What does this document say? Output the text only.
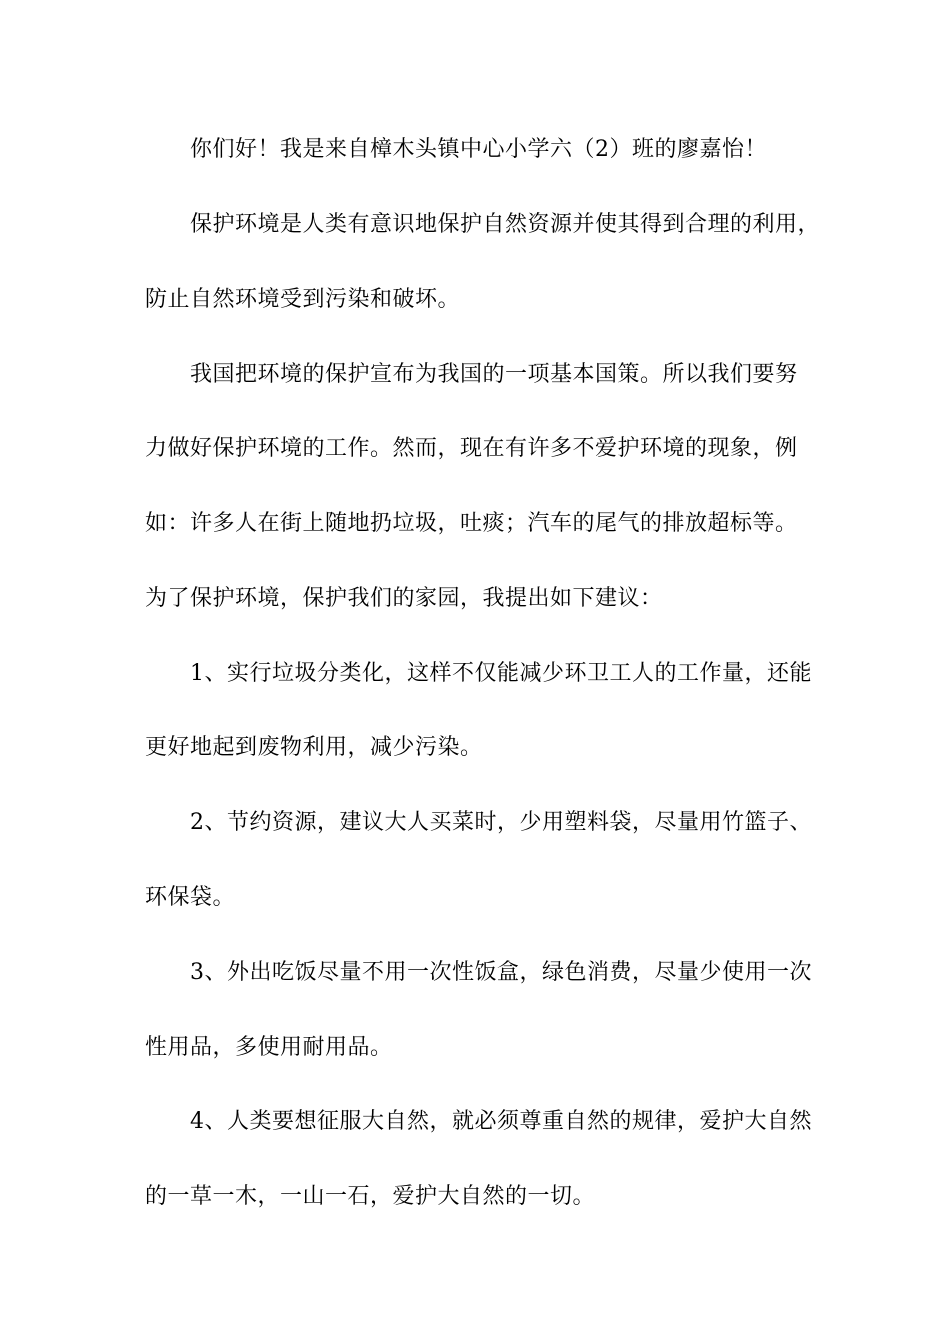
你们好！我是来自樟木头镇中心小学六（2）班的廖嘉怡！
保护环境是人类有意识地保护自然资源并使其得到合理的利用，
防止自然环境受到污染和破坏。
我国把环境的保护宣布为我国的一项基本国策。所以我们要努
力做好保护环境的工作。然而，现在有许多不爱护环境的现象，例
如：许多人在街上随地扔垃圾，吐痰；汽车的尾气的排放超标等。
为了保护环境，保护我们的家园，我提出如下建议：
1、实行垃圾分类化，这样不仅能减少环卫工人的工作量，还能
更好地起到废物利用，减少污染。
2、节约资源，建议大人买菜时，少用塑料袋，尽量用竹篮子、
环保袋。
3、外出吃饭尽量不用一次性饭盒，绿色消费，尽量少使用一次
性用品，多使用耐用品。
4、人类要想征服大自然，就必须尊重自然的规律，爱护大自然
的一草一木，一山一石，爱护大自然的一切。
